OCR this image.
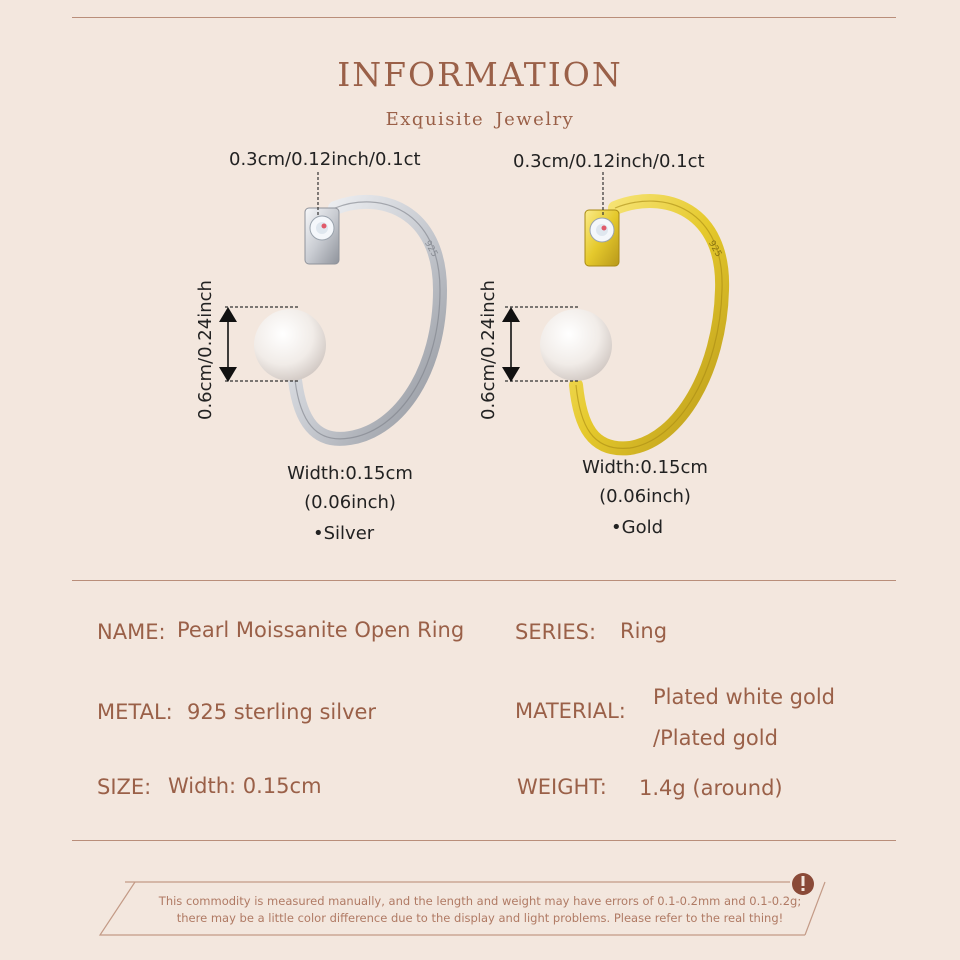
INFORMATION
Exquisite Jewelry
925	925
0.3cm/0.12inch/0.1ct
0.6cm/0.24inch
Width:0.15cm
(0.06inch)
•Silver
0.3cm/0.12inch/0.1ct
0.6cm/0.24inch
Width:0.15cm
(0.06inch)
•Gold
NAME: Pearl Moissanite Open Ring SERIES: Ring
METAL: 925 sterling silver	MATERIAL:
Plated white gold
/Plated gold
SIZE: Width: 0.15cm	WEIGHT: 1.4g (around)
This commodity is measured manually, and the length and weight may have errors of 0.1-0.2mm and 0.1-0.2g;
there may be a little color difference due to the display and light problems. Please refer to the real thing!
